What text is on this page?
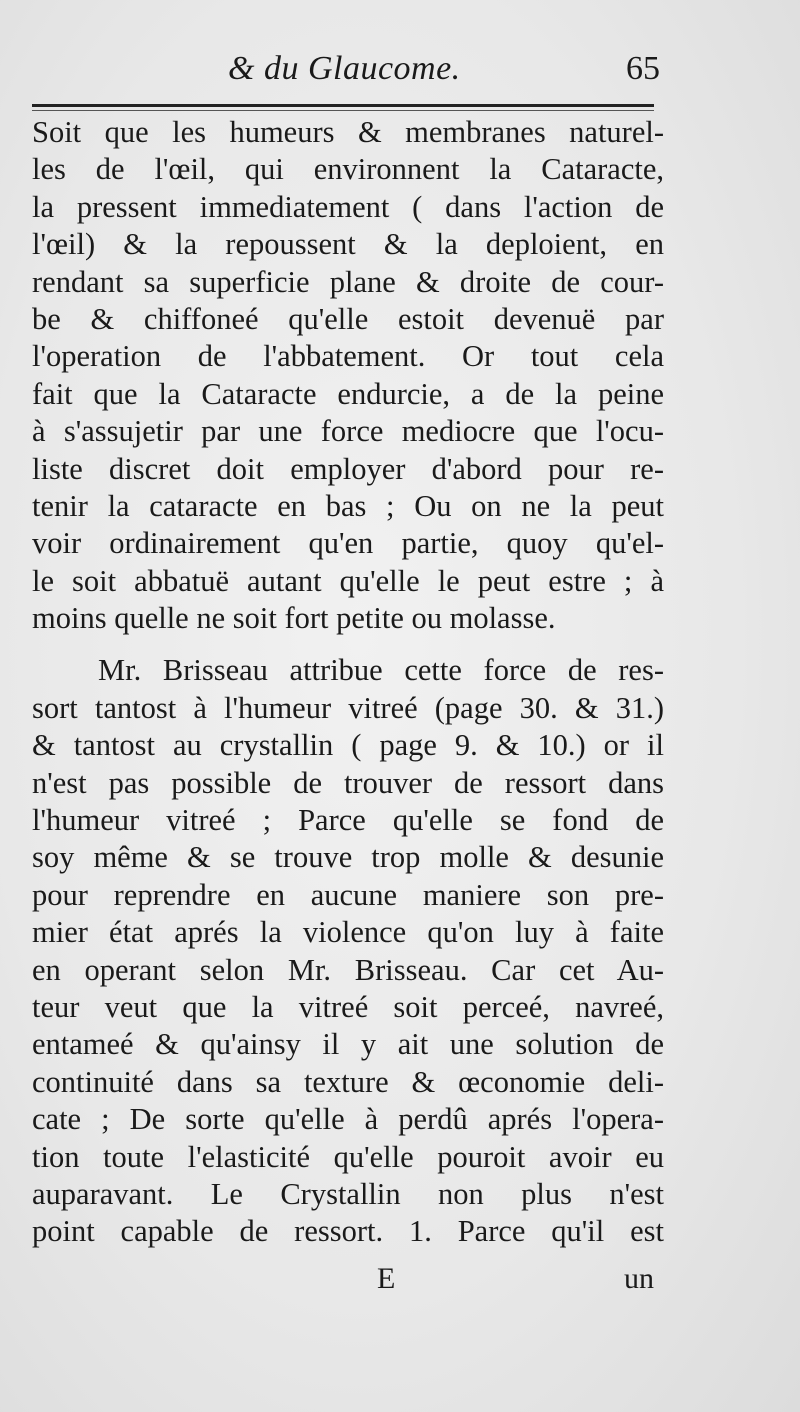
& du Glaucome.	65
Soit que les humeurs & membranes naturel-
les de l'œil, qui environnent la Cataracte,
la pressent immediatement ( dans l'action de
l'œil) & la repoussent & la deploient, en
rendant sa superficie plane & droite de cour-
be & chiffoneé qu'elle estoit devenuë par
l'operation de l'abbatement. Or tout cela
fait que la Cataracte endurcie, a de la peine
à s'assujetir par une force mediocre que l'ocu-
liste discret doit employer d'abord pour re-
tenir la cataracte en bas ; Ou on ne la peut
voir ordinairement qu'en partie, quoy qu'el-
le soit abbatuë autant qu'elle le peut estre ; à
moins quelle ne soit fort petite ou molasse.
Mr. Brisseau attribue cette force de res-
sort tantost à l'humeur vitreé (page 30. & 31.)
& tantost au crystallin ( page 9. & 10.) or il
n'est pas possible de trouver de ressort dans
l'humeur vitreé ; Parce qu'elle se fond de
soy même & se trouve trop molle & desunie
pour reprendre en aucune maniere son pre-
mier état aprés la violence qu'on luy à faite
en operant selon Mr. Brisseau. Car cet Au-
teur veut que la vitreé soit perceé, navreé,
entameé & qu'ainsy il y ait une solution de
continuité dans sa texture & œconomie deli-
cate ; De sorte qu'elle à perdû aprés l'opera-
tion toute l'elasticité qu'elle pouroit avoir eu
auparavant. Le Crystallin non plus n'est
point capable de ressort. 1. Parce qu'il est
E	un
